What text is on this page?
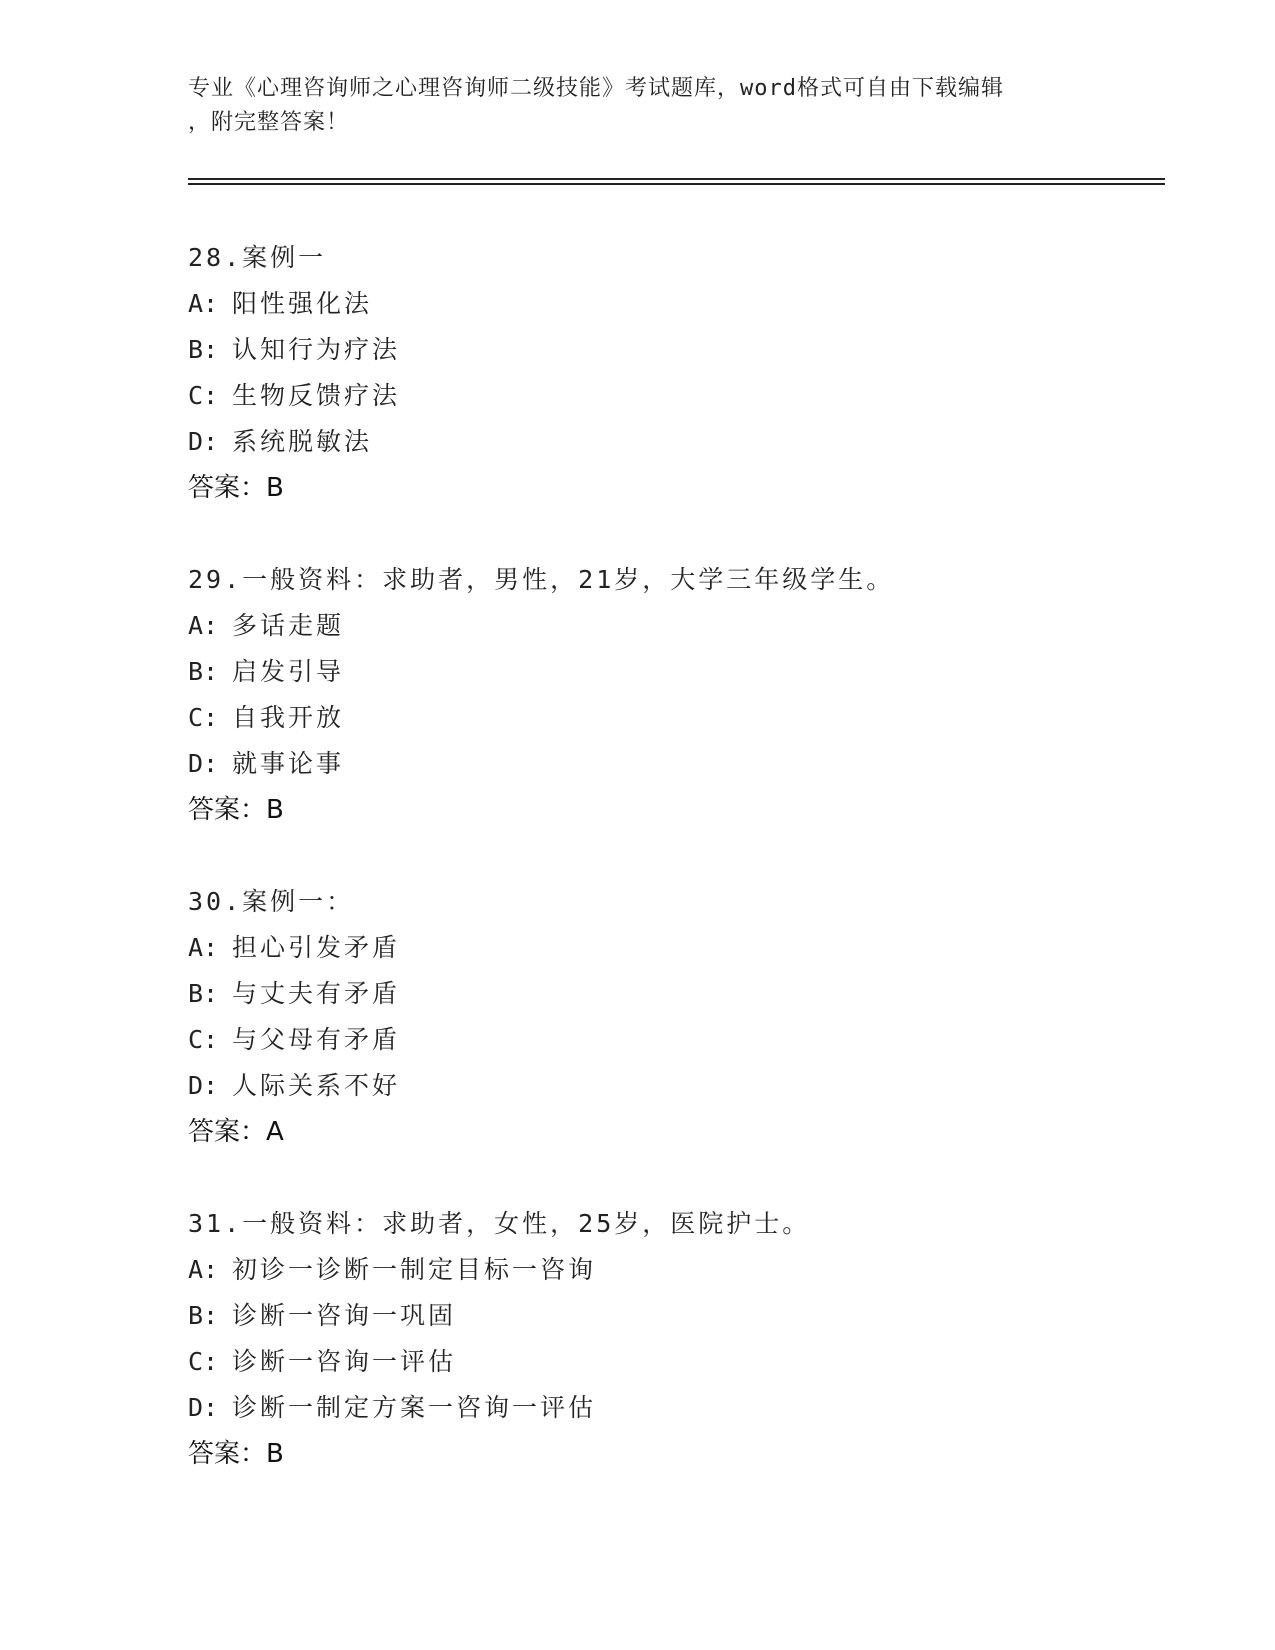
专业《心理咨询师之心理咨询师二级技能》考试题库，word格式可自由下载编辑
，附完整答案！
28.案例一
A: 阳性强化法
B: 认知行为疗法
C: 生物反馈疗法
D: 系统脱敏法
答案：B
29.一般资料：求助者，男性，21岁，大学三年级学生。
A: 多话走题
B: 启发引导
C: 自我开放
D: 就事论事
答案：B
30.案例一：
A: 担心引发矛盾
B: 与丈夫有矛盾
C: 与父母有矛盾
D: 人际关系不好
答案：A
31.一般资料：求助者，女性，25岁，医院护士。
A: 初诊一诊断一制定目标一咨询
B: 诊断一咨询一巩固
C: 诊断一咨询一评估
D: 诊断一制定方案一咨询一评估
答案：B
